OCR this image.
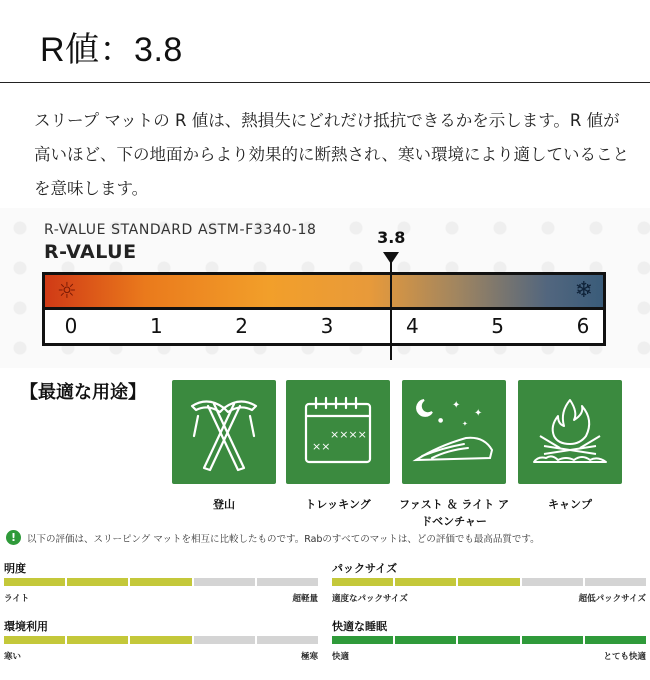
R値：3.8
スリープ マットの R 値は、熱損失にどれだけ抵抗できるかを示します。R 値が高いほど、下の地面からより効果的に断熱され、寒い環境により適していることを意味します。
R-VALUE STANDARD ASTM-F3340-18
R-VALUE
☼	❄
0	1	2	3	4	5	6
3.8
【最適な用途】
××××
××
✦
✦
✦
●
登山	トレッキング	ファスト ＆ ライト アドベンチャー
キャンプ
!	以下の評価は、スリーピング マットを相互に比較したものです。Rabのすべてのマットは、どの評価でも最高品質です。
明度
ライト	超軽量
パックサイズ
適度なパックサイズ	超低パックサイズ
環境利用
寒い	極寒
快適な睡眠
快適	とても快適
